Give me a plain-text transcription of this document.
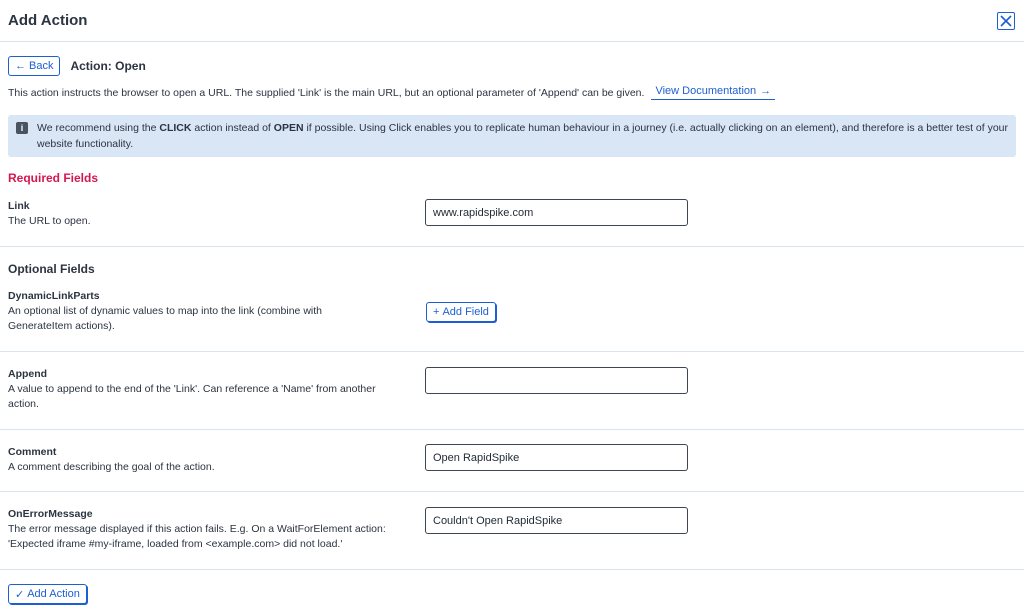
Add Action
← Back Action: Open
This action instructs the browser to open a URL. The supplied 'Link' is the main URL, but an optional parameter of 'Append' can be given. View Documentation →
i	We recommend using the CLICK action instead of OPEN if possible. Using Click enables you to replicate human behaviour in a journey (i.e. actually clicking on an element), and therefore is a better test of your website functionality.
Required Fields
Link
The URL to open.
www.rapidspike.com
Optional Fields
DynamicLinkParts
An optional list of dynamic values to map into the link (combine with GenerateItem actions).
+ Add Field
Append
A value to append to the end of the 'Link'. Can reference a 'Name' from another action.
Comment
A comment describing the goal of the action.
Open RapidSpike
OnErrorMessage
The error message displayed if this action fails. E.g. On a WaitForElement action: 'Expected iframe #my-iframe, loaded from <example.com> did not load.'
Couldn't Open RapidSpike
✓ Add Action
